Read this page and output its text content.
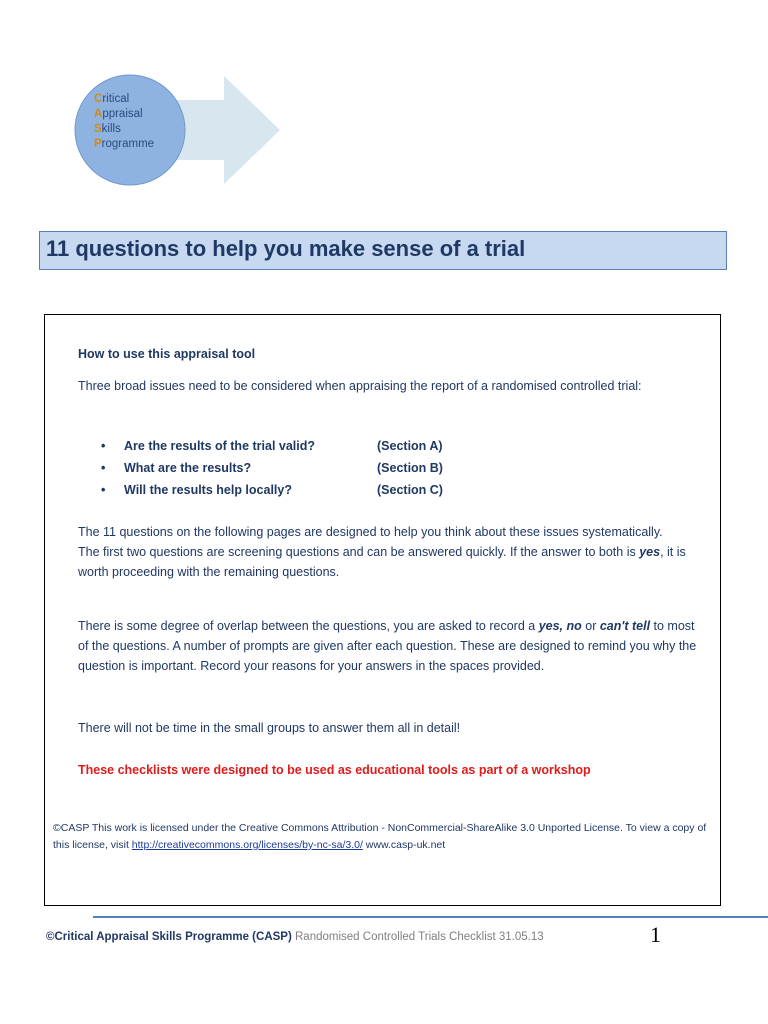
Critical
Appraisal
Skills
Programme
11 questions to help you make sense of a trial

How to use this appraisal tool

Three broad issues need to be considered when appraising the report of a randomised controlled trial:

• Are the results of the trial valid?	(Section A)
• What are the results?	(Section B)
• Will the results help locally?	(Section C)

The 11 questions on the following pages are designed to help you think about these issues systematically.
The first two questions are screening questions and can be answered quickly. If the answer to both is yes, it is worth proceeding with the remaining questions.

There is some degree of overlap between the questions, you are asked to record a yes, no or can't tell to most of the questions. A number of prompts are given after each question. These are designed to remind you why the question is important. Record your reasons for your answers in the spaces provided.

There will not be time in the small groups to answer them all in detail!

These checklists were designed to be used as educational tools as part of a workshop

©CASP This work is licensed under the Creative Commons Attribution - NonCommercial-ShareAlike 3.0 Unported License. To view a copy of this license, visit http://creativecommons.org/licenses/by-nc-sa/3.0/ www.casp-uk.net

©Critical Appraisal Skills Programme (CASP) Randomised Controlled Trials Checklist 31.05.13	1
